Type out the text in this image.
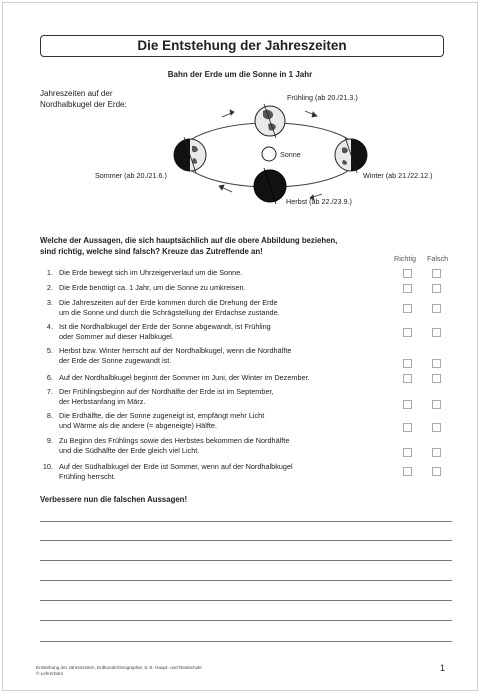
Die Entstehung der Jahreszeiten
Bahn der Erde um die Sonne in 1 Jahr
Jahreszeiten auf der
Nordhalbkugel der Erde:
Frühling (ab 20./21.3.)
Sonne
Sommer (ab 20./21.6.)	Winter (ab 21./22.12.)
Herbst (ab 22./23.9.)
Welche der Aussagen, die sich hauptsächlich auf die obere Abbildung beziehen,
sind richtig, welche sind falsch? Kreuze das Zutreffende an!
Richtig Falsch
1. Die Erde bewegt sich im Uhrzeigerverlauf um die Sonne.
2. Die Erde benötigt ca. 1 Jahr, um die Sonne zu umkreisen.
3. Die Jahreszeiten auf der Erde kommen durch die Drehung der Erde
um die Sonne und durch die Schrägstellung der Erdachse zustande.
4. Ist die Nordhalbkugel der Erde der Sonne abgewandt, ist Frühling
oder Sommer auf dieser Halbkugel.
5. Herbst bzw. Winter herrscht auf der Nordhalbkugel, wenn die Nordhälfte
der Erde der Sonne zugewandt ist.
6. Auf der Nordhalbkugel beginnt der Sommer im Juni, der Winter im Dezember.
7. Der Frühlingsbeginn auf der Nordhälfte der Erde ist im September,
der Herbstanfang im März.
8. Die Erdhälfte, die der Sonne zugeneigt ist, empfängt mehr Licht
und Wärme als die andere (= abgeneigte) Hälfte.
9. Zu Beginn des Frühlings sowie des Herbstes bekommen die Nordhälfte
und die Südhälfte der Erde gleich viel Licht.
10. Auf der Südhalbkugel der Erde ist Sommer, wenn auf der Nordhalbkugel
Frühling herrscht.
Verbessere nun die falschen Aussagen!
Entstehung der Jahreszeiten, Erdkunde/Geographie, 5.-6. Haupt- und Realschule
© Lehrerbüro
1
